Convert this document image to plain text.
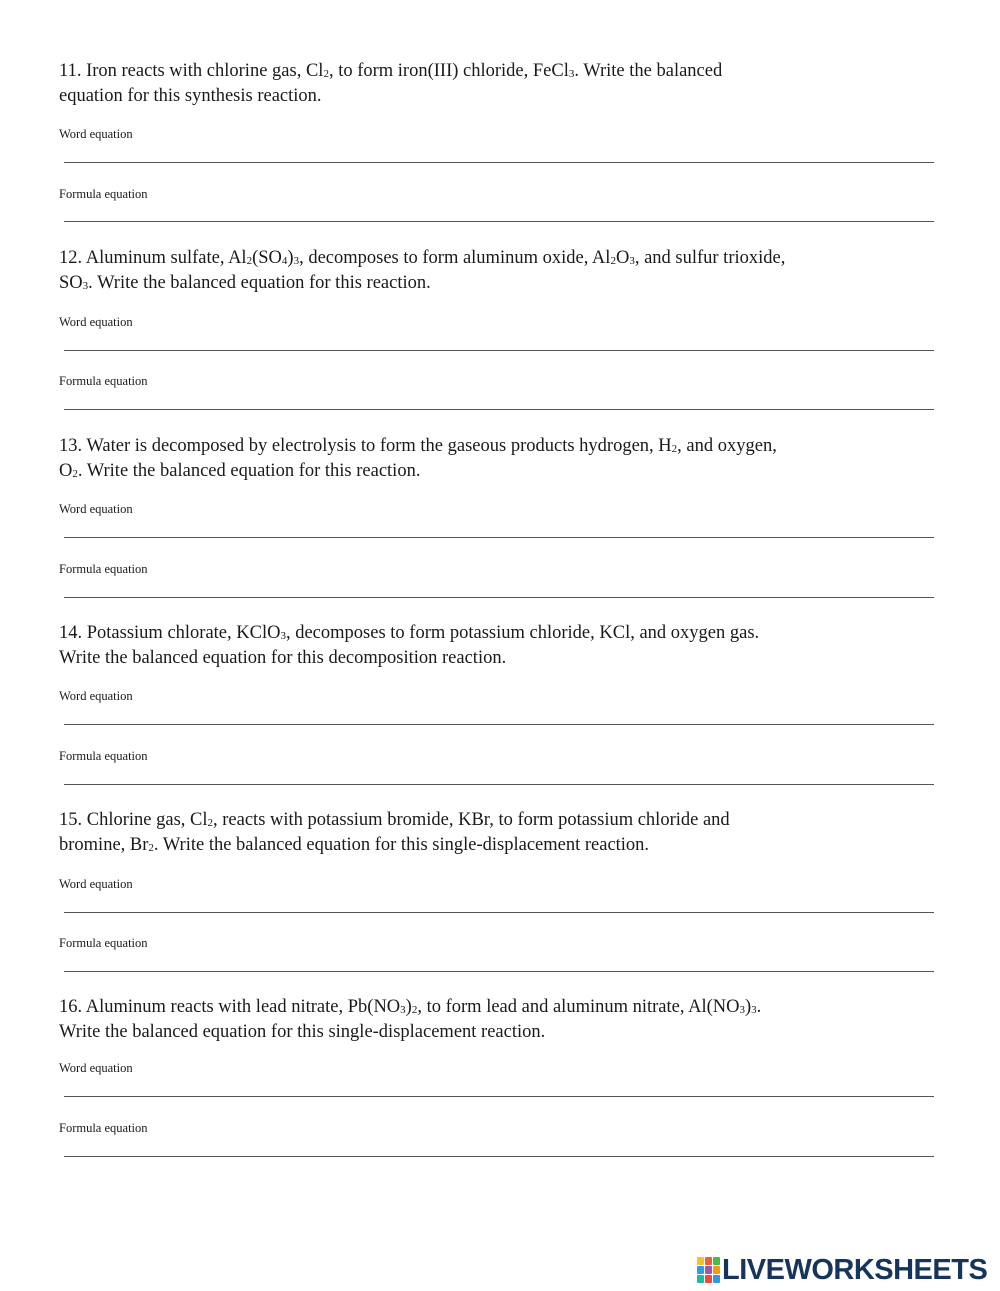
11. Iron reacts with chlorine gas, $Cl_2$, to form iron(III) chloride, FeCl$_3$. Write the balanced equation for this synthesis reaction.

Word equation
Formula equation

12. Aluminum sulfate, $Al_2(SO_4)_3$, decomposes to form aluminum oxide, $Al_2O_3$, and sulfur trioxide, $SO_3$. Write the balanced equation for this reaction.

Word equation
Formula equation

13. Water is decomposed by electrolysis to form the gaseous products hydrogen, $H_2$, and oxygen, $O_2$. Write the balanced equation for this reaction.

Word equation
Formula equation

14. Potassium chlorate, KClO$_3$, decomposes to form potassium chloride, KCl, and oxygen gas. Write the balanced equation for this decomposition reaction.

Word equation
Formula equation

15. Chlorine gas, $Cl_2$, reacts with potassium bromide, KBr, to form potassium chloride and bromine, $Br_2$. Write the balanced equation for this single-displacement reaction.

Word equation
Formula equation

16. Aluminum reacts with lead nitrate, $Pb(NO_3)_2$, to form lead and aluminum nitrate, $Al(NO_3)_3$. Write the balanced equation for this single-displacement reaction.

Word equation
Formula equation
LIVEWORKSHEETS
